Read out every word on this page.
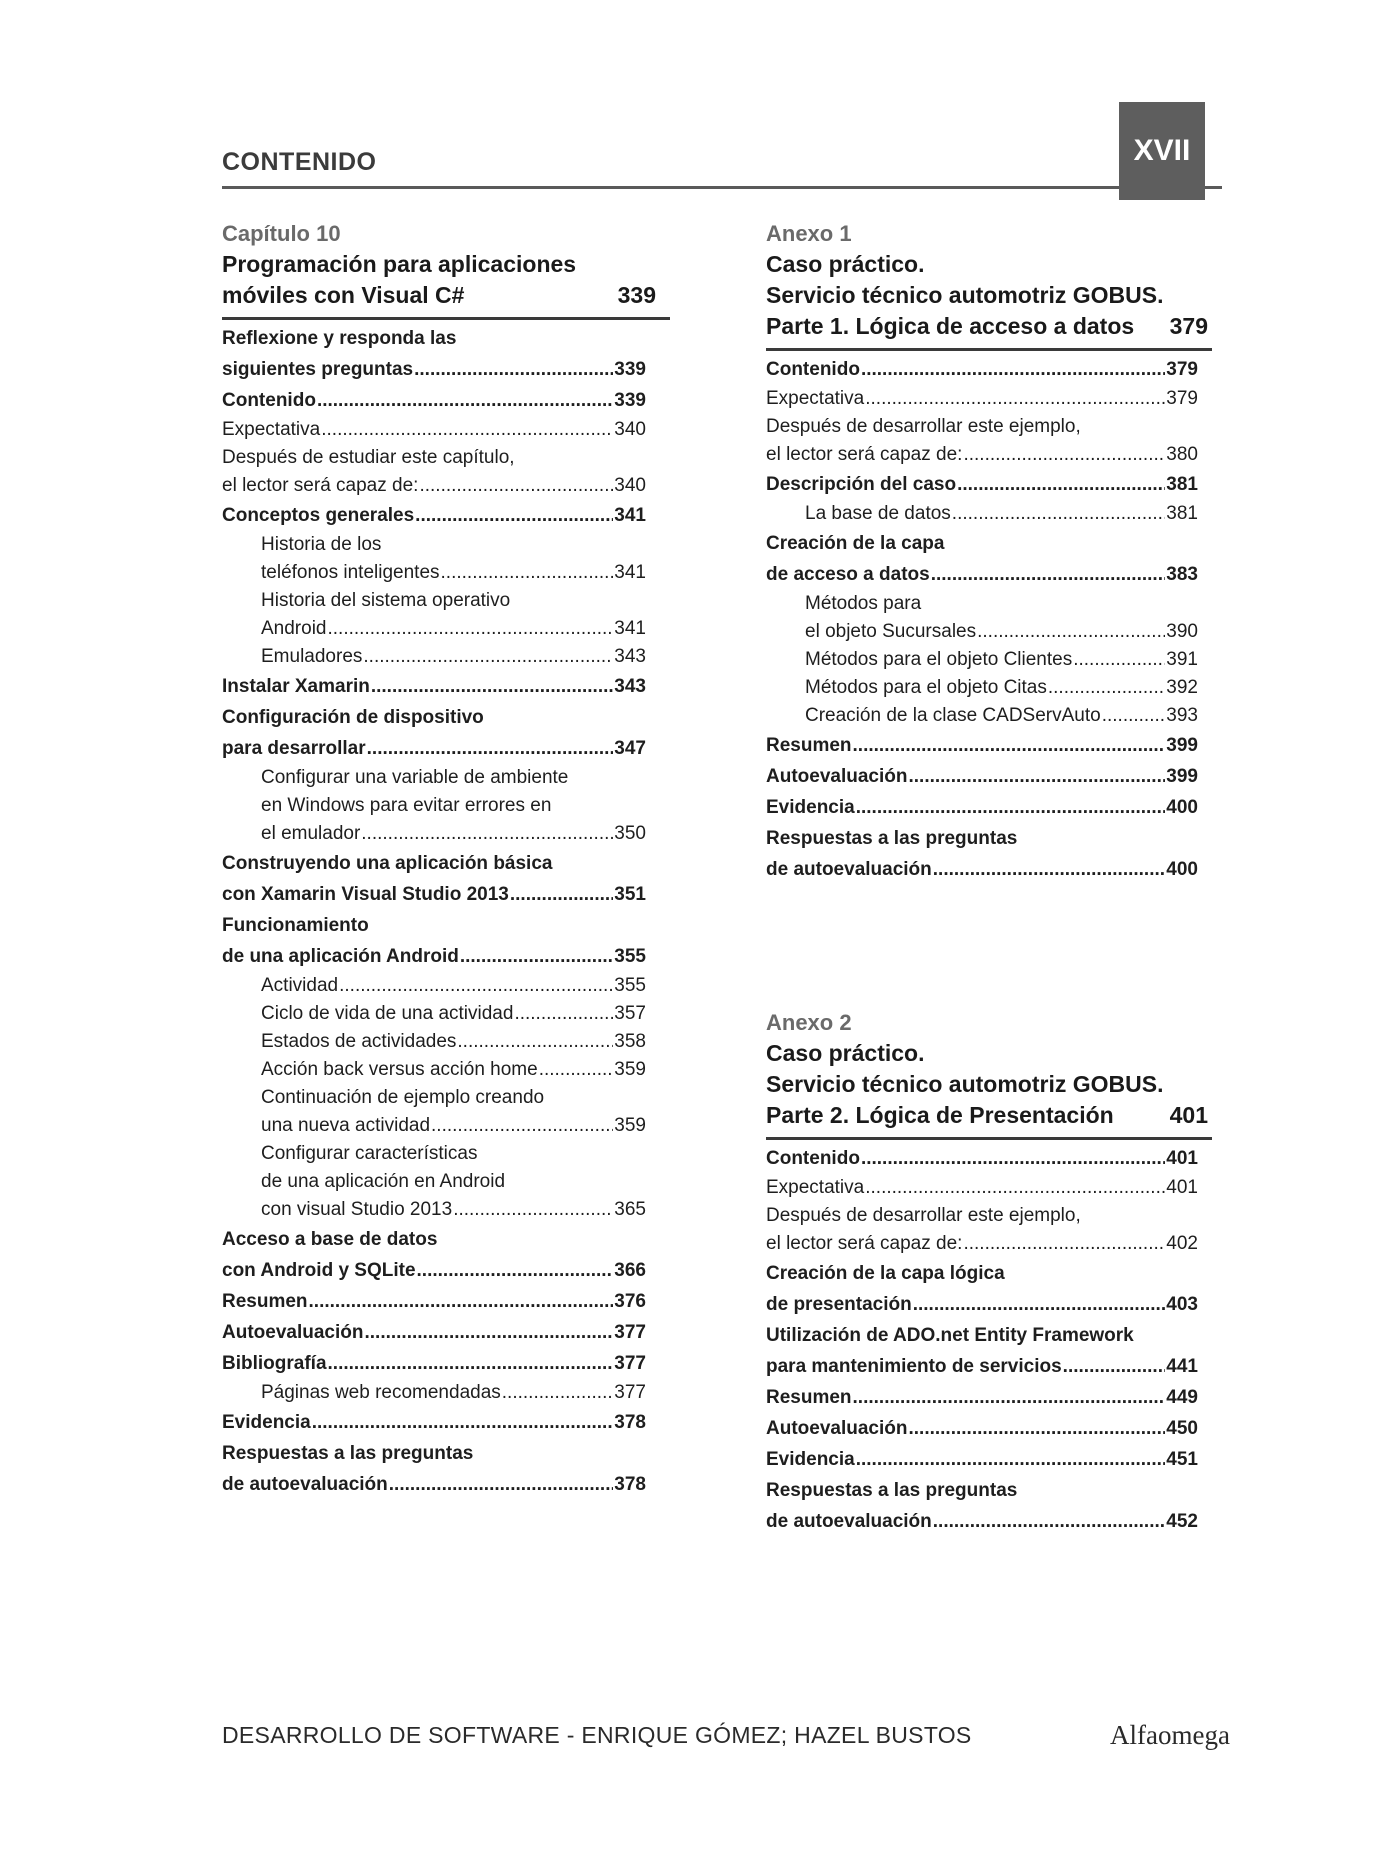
CONTENIDO	XVII
Capítulo 10
Programación para aplicaciones
móviles con Visual C#	339
Reflexione y responda las
siguientes preguntas .....	339
Contenido .....	339
Expectativa .....	340
Después de estudiar este capítulo,
el lector será capaz de: .....	340
Conceptos generales .....	341
Historia de los
teléfonos inteligentes .....	341
Historia del sistema operativo
Android .....	341
Emuladores .....	343
Instalar Xamarin .....	343
Configuración de dispositivo
para desarrollar .....	347
Configurar una variable de ambiente
en Windows para evitar errores en
el emulador .....	350
Construyendo una aplicación básica
con Xamarin Visual Studio 2013 .....	351
Funcionamiento
de una aplicación Android .....	355
Actividad .....	355
Ciclo de vida de una actividad .....	357
Estados de actividades .....	358
Acción back versus acción home .....	359
Continuación de ejemplo creando
una nueva actividad .....	359
Configurar características
de una aplicación en Android
con visual Studio 2013 .....	365
Acceso a base de datos
con Android y SQLite .....	366
Resumen .....	376
Autoevaluación .....	377
Bibliografía .....	377
Páginas web recomendadas .....	377
Evidencia .....	378
Respuestas a las preguntas
de autoevaluación .....	378
Anexo 1
Caso práctico.
Servicio técnico automotriz GOBUS.
Parte 1. Lógica de acceso a datos 379
Contenido .....	379
Expectativa .....	379
Después de desarrollar este ejemplo,
el lector será capaz de: .....	380
Descripción del caso .....	381
La base de datos .....	381
Creación de la capa
de acceso a datos .....	383
Métodos para
el objeto Sucursales .....	390
Métodos para el objeto Clientes .....	391
Métodos para el objeto Citas .....	392
Creación de la clase CADServAuto .....	393
Resumen .....	399
Autoevaluación .....	399
Evidencia .....	400
Respuestas a las preguntas
de autoevaluación .....	400
Anexo 2
Caso práctico.
Servicio técnico automotriz GOBUS.
Parte 2. Lógica de Presentación 401
Contenido .....	401
Expectativa .....	401
Después de desarrollar este ejemplo,
el lector será capaz de: .....	402
Creación de la capa lógica
de presentación .....	403
Utilización de ADO.net Entity Framework
para mantenimiento de servicios .....	441
Resumen .....	449
Autoevaluación .....	450
Evidencia .....	451
Respuestas a las preguntas
de autoevaluación .....	452
DESARROLLO DE SOFTWARE - ENRIQUE GÓMEZ; HAZEL BUSTOS	Alfaomega
